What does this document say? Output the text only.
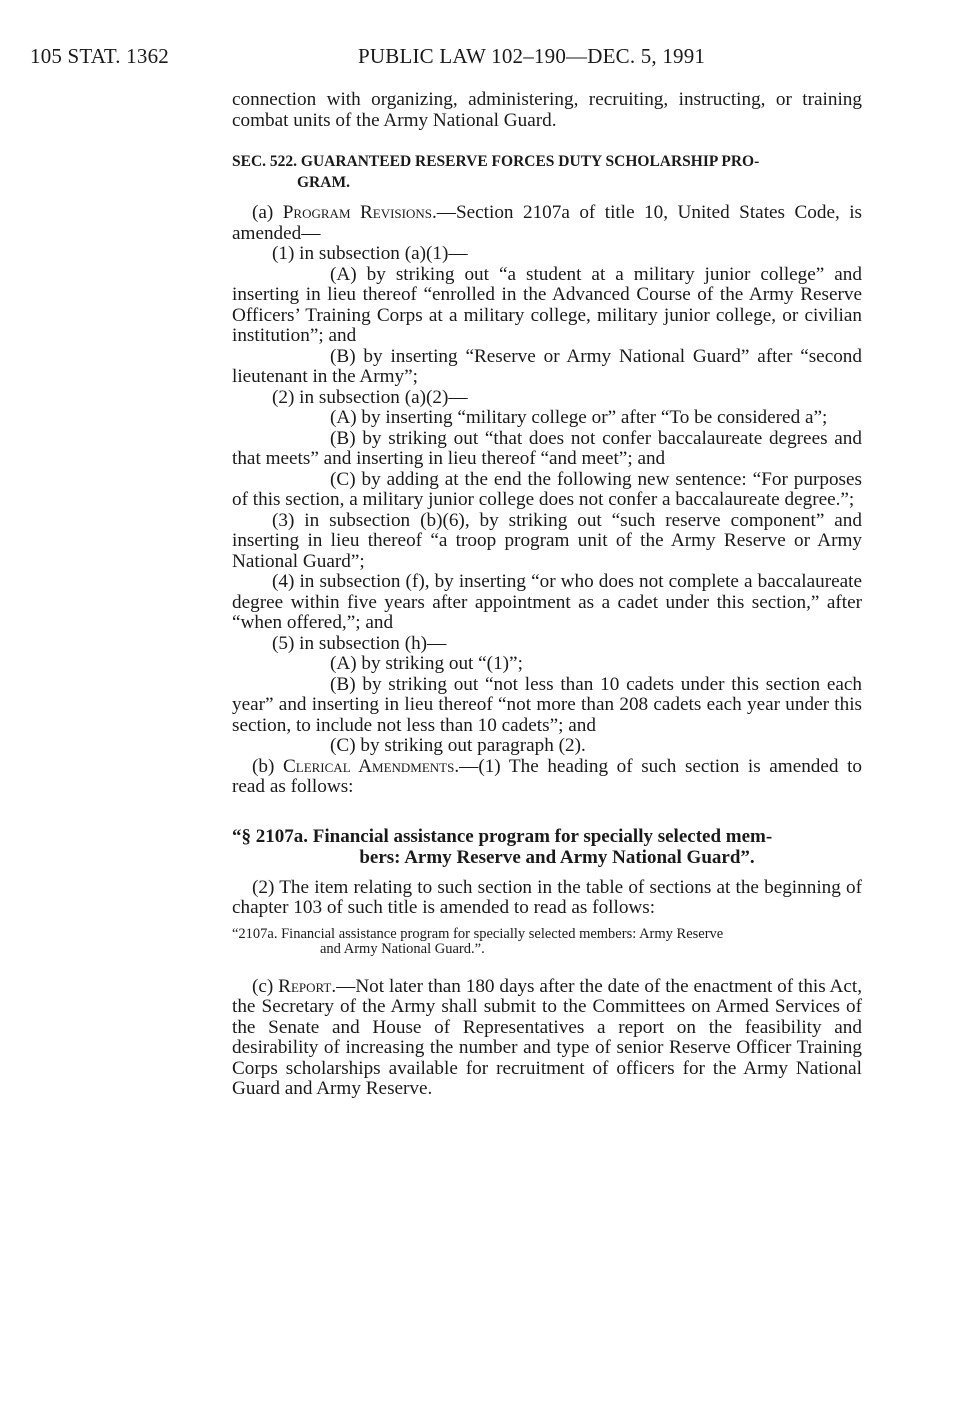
105 STAT. 1362	PUBLIC LAW 102–190—DEC. 5, 1991

connection with organizing, administering, recruiting, instructing, or training combat units of the Army National Guard.

SEC. 522. GUARANTEED RESERVE FORCES DUTY SCHOLARSHIP PRO-
GRAM.

(a) Program Revisions.—Section 2107a of title 10, United States Code, is amended—

(1) in subsection (a)(1)—

(A) by striking out “a student at a military junior college” and inserting in lieu thereof “enrolled in the Advanced Course of the Army Reserve Officers’ Training Corps at a military college, military junior college, or civilian institution”; and

(B) by inserting “Reserve or Army National Guard” after “second lieutenant in the Army”;

(2) in subsection (a)(2)—

(A) by inserting “military college or” after “To be considered a”;

(B) by striking out “that does not confer baccalaureate degrees and that meets” and inserting in lieu thereof “and meet”; and

(C) by adding at the end the following new sentence: “For purposes of this section, a military junior college does not confer a baccalaureate degree.”;

(3) in subsection (b)(6), by striking out “such reserve component” and inserting in lieu thereof “a troop program unit of the Army Reserve or Army National Guard”;

(4) in subsection (f), by inserting “or who does not complete a baccalaureate degree within five years after appointment as a cadet under this section,” after “when offered,”; and

(5) in subsection (h)—

(A) by striking out “(1)”;

(B) by striking out “not less than 10 cadets under this section each year” and inserting in lieu thereof “not more than 208 cadets each year under this section, to include not less than 10 cadets”; and

(C) by striking out paragraph (2).

(b) Clerical Amendments.—(1) The heading of such section is amended to read as follows:

“§ 2107a. Financial assistance program for specially selected mem-
bers: Army Reserve and Army National Guard”.

(2) The item relating to such section in the table of sections at the beginning of chapter 103 of such title is amended to read as follows:

“2107a. Financial assistance program for specially selected members: Army Reserve
and Army National Guard.”.

(c) Report.—Not later than 180 days after the date of the enactment of this Act, the Secretary of the Army shall submit to the Committees on Armed Services of the Senate and House of Representatives a report on the feasibility and desirability of increasing the number and type of senior Reserve Officer Training Corps scholarships available for recruitment of officers for the Army National Guard and Army Reserve.
